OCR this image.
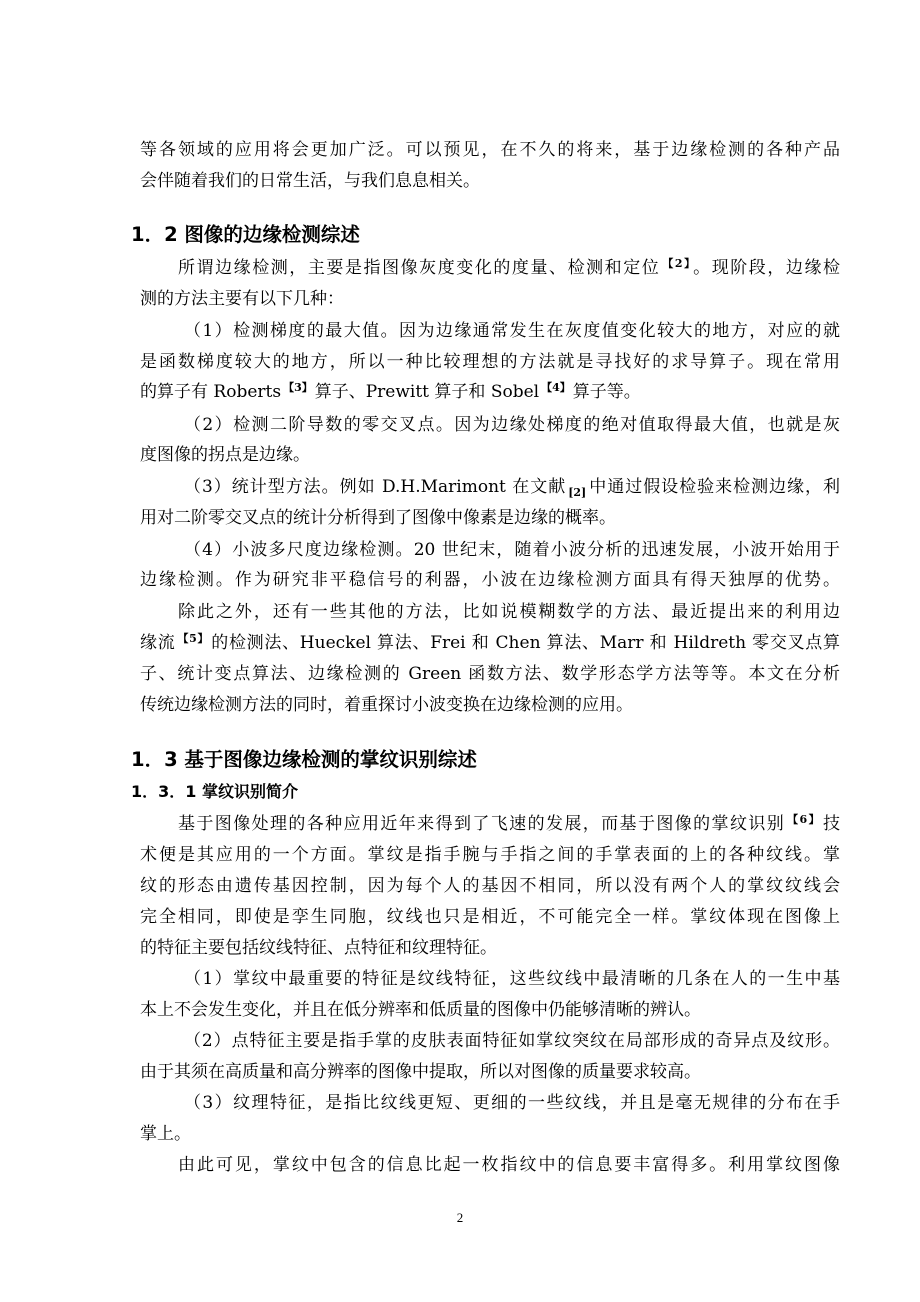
等各领域的应用将会更加广泛。可以预见，在不久的将来，基于边缘检测的各种产品
会伴随着我们的日常生活，与我们息息相关。
1．2 图像的边缘检测综述
所谓边缘检测，主要是指图像灰度变化的度量、检测和定位 $^{【2】}$ 。现阶段，边缘检
测的方法主要有以下几种：
（1）检测梯度的最大值。因为边缘通常发生在灰度值变化较大的地方，对应的就
是函数梯度较大的地方，所以一种比较理想的方法就是寻找好的求导算子。现在常用
的算子有 Roberts $^{【3】}$ 算子、Prewitt 算子和 Sobel $^{【4】}$ 算子等。
（2）检测二阶导数的零交叉点。因为边缘处梯度的绝对值取得最大值，也就是灰
度图像的拐点是边缘。
（3）统计型方法。例如 D.H.Marimont 在文献 $_{[2]}$ 中通过假设检验来检测边缘，利
用对二阶零交叉点的统计分析得到了图像中像素是边缘的概率。
（4）小波多尺度边缘检测。20 世纪末，随着小波分析的迅速发展，小波开始用于
边缘检测。作为研究非平稳信号的利器，小波在边缘检测方面具有得天独厚的优势。
除此之外，还有一些其他的方法，比如说模糊数学的方法、最近提出来的利用边
缘流 $^{【5】}$ 的检测法、Hueckel 算法、Frei 和 Chen 算法、Marr 和 Hildreth 零交叉点算
子、统计变点算法、边缘检测的 Green 函数方法、数学形态学方法等等。本文在分析
传统边缘检测方法的同时，着重探讨小波变换在边缘检测的应用。
1．3 基于图像边缘检测的掌纹识别综述
1．3．1 掌纹识别简介
基于图像处理的各种应用近年来得到了飞速的发展，而基于图像的掌纹识别 $^{【6】}$ 技
术便是其应用的一个方面。掌纹是指手腕与手指之间的手掌表面的上的各种纹线。掌
纹的形态由遗传基因控制，因为每个人的基因不相同，所以没有两个人的掌纹纹线会
完全相同，即使是孪生同胞，纹线也只是相近，不可能完全一样。掌纹体现在图像上
的特征主要包括纹线特征、点特征和纹理特征。
（1）掌纹中最重要的特征是纹线特征，这些纹线中最清晰的几条在人的一生中基
本上不会发生变化，并且在低分辨率和低质量的图像中仍能够清晰的辨认。
（2）点特征主要是指手掌的皮肤表面特征如掌纹突纹在局部形成的奇异点及纹形。
由于其须在高质量和高分辨率的图像中提取，所以对图像的质量要求较高。
（3）纹理特征，是指比纹线更短、更细的一些纹线，并且是毫无规律的分布在手
掌上。
由此可见，掌纹中包含的信息比起一枚指纹中的信息要丰富得多。利用掌纹图像
2
